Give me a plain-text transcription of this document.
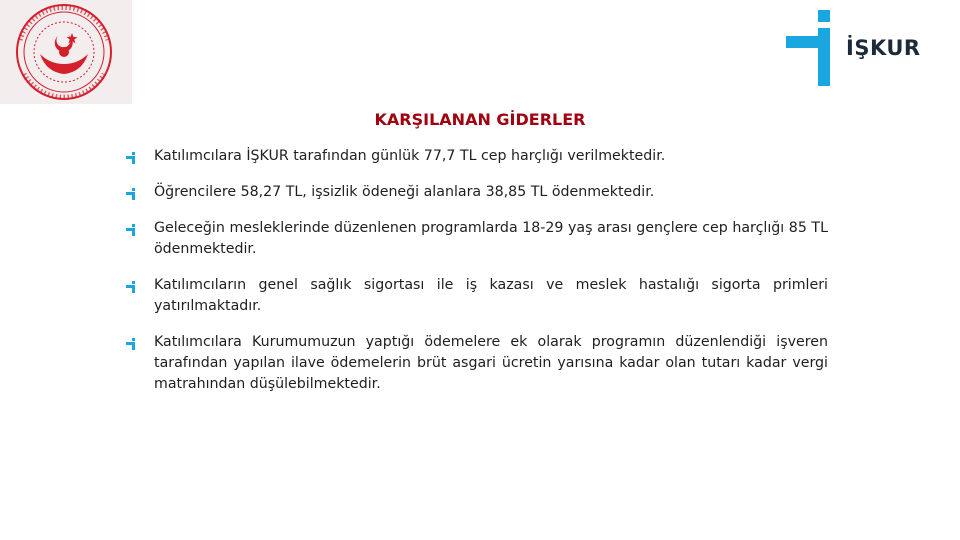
İŞKUR
KARŞILANAN GİDERLER
Katılımcılara İŞKUR tarafından günlük 77,7 TL cep harçlığı verilmektedir.
Öğrencilere 58,27 TL, işsizlik ödeneği alanlara 38,85 TL ödenmektedir.
Geleceğin mesleklerinde düzenlenen programlarda 18-29 yaş arası gençlere cep harçlığı 85 TL ödenmektedir.
Katılımcıların genel sağlık sigortası ile iş kazası ve meslek hastalığı sigorta primleri yatırılmaktadır.
Katılımcılara Kurumumuzun yaptığı ödemelere ek olarak programın düzenlendiği işveren tarafından yapılan ilave ödemelerin brüt asgari ücretin yarısına kadar olan tutarı kadar vergi matrahından düşülebilmektedir.
